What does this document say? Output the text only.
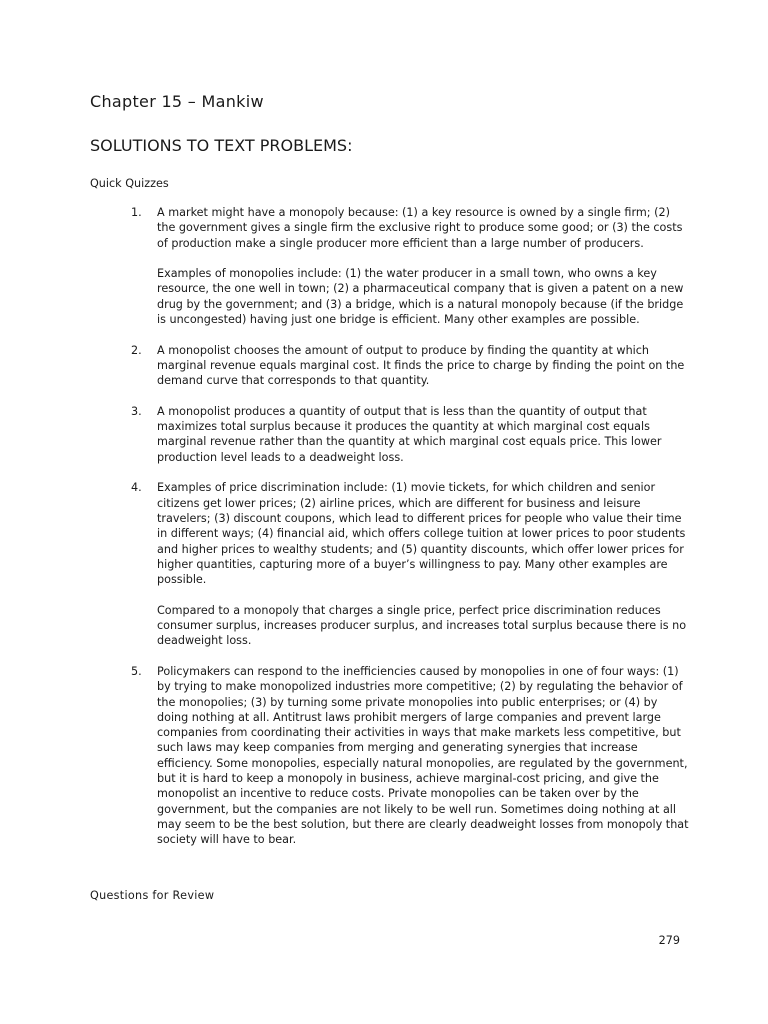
Chapter 15 – Mankiw
SOLUTIONS TO TEXT PROBLEMS:
Quick Quizzes
1. A market might have a monopoly because: (1) a key resource is owned by a single firm; (2) the government gives a single firm the exclusive right to produce some good; or (3) the costs of production make a single producer more efficient than a large number of producers.

Examples of monopolies include: (1) the water producer in a small town, who owns a key resource, the one well in town; (2) a pharmaceutical company that is given a patent on a new drug by the government; and (3) a bridge, which is a natural monopoly because (if the bridge is uncongested) having just one bridge is efficient. Many other examples are possible.

2. A monopolist chooses the amount of output to produce by finding the quantity at which marginal revenue equals marginal cost. It finds the price to charge by finding the point on the demand curve that corresponds to that quantity.

3. A monopolist produces a quantity of output that is less than the quantity of output that maximizes total surplus because it produces the quantity at which marginal cost equals marginal revenue rather than the quantity at which marginal cost equals price. This lower production level leads to a deadweight loss.

4. Examples of price discrimination include: (1) movie tickets, for which children and senior citizens get lower prices; (2) airline prices, which are different for business and leisure travelers; (3) discount coupons, which lead to different prices for people who value their time in different ways; (4) financial aid, which offers college tuition at lower prices to poor students and higher prices to wealthy students; and (5) quantity discounts, which offer lower prices for higher quantities, capturing more of a buyer’s willingness to pay. Many other examples are possible.

Compared to a monopoly that charges a single price, perfect price discrimination reduces consumer surplus, increases producer surplus, and increases total surplus because there is no deadweight loss.

5. Policymakers can respond to the inefficiencies caused by monopolies in one of four ways: (1) by trying to make monopolized industries more competitive; (2) by regulating the behavior of the monopolies; (3) by turning some private monopolies into public enterprises; or (4) by doing nothing at all. Antitrust laws prohibit mergers of large companies and prevent large companies from coordinating their activities in ways that make markets less competitive, but such laws may keep companies from merging and generating synergies that increase efficiency. Some monopolies, especially natural monopolies, are regulated by the government, but it is hard to keep a monopoly in business, achieve marginal-cost pricing, and give the monopolist an incentive to reduce costs. Private monopolies can be taken over by the government, but the companies are not likely to be well run. Sometimes doing nothing at all may seem to be the best solution, but there are clearly deadweight losses from monopoly that society will have to bear.

Questions for Review
279
